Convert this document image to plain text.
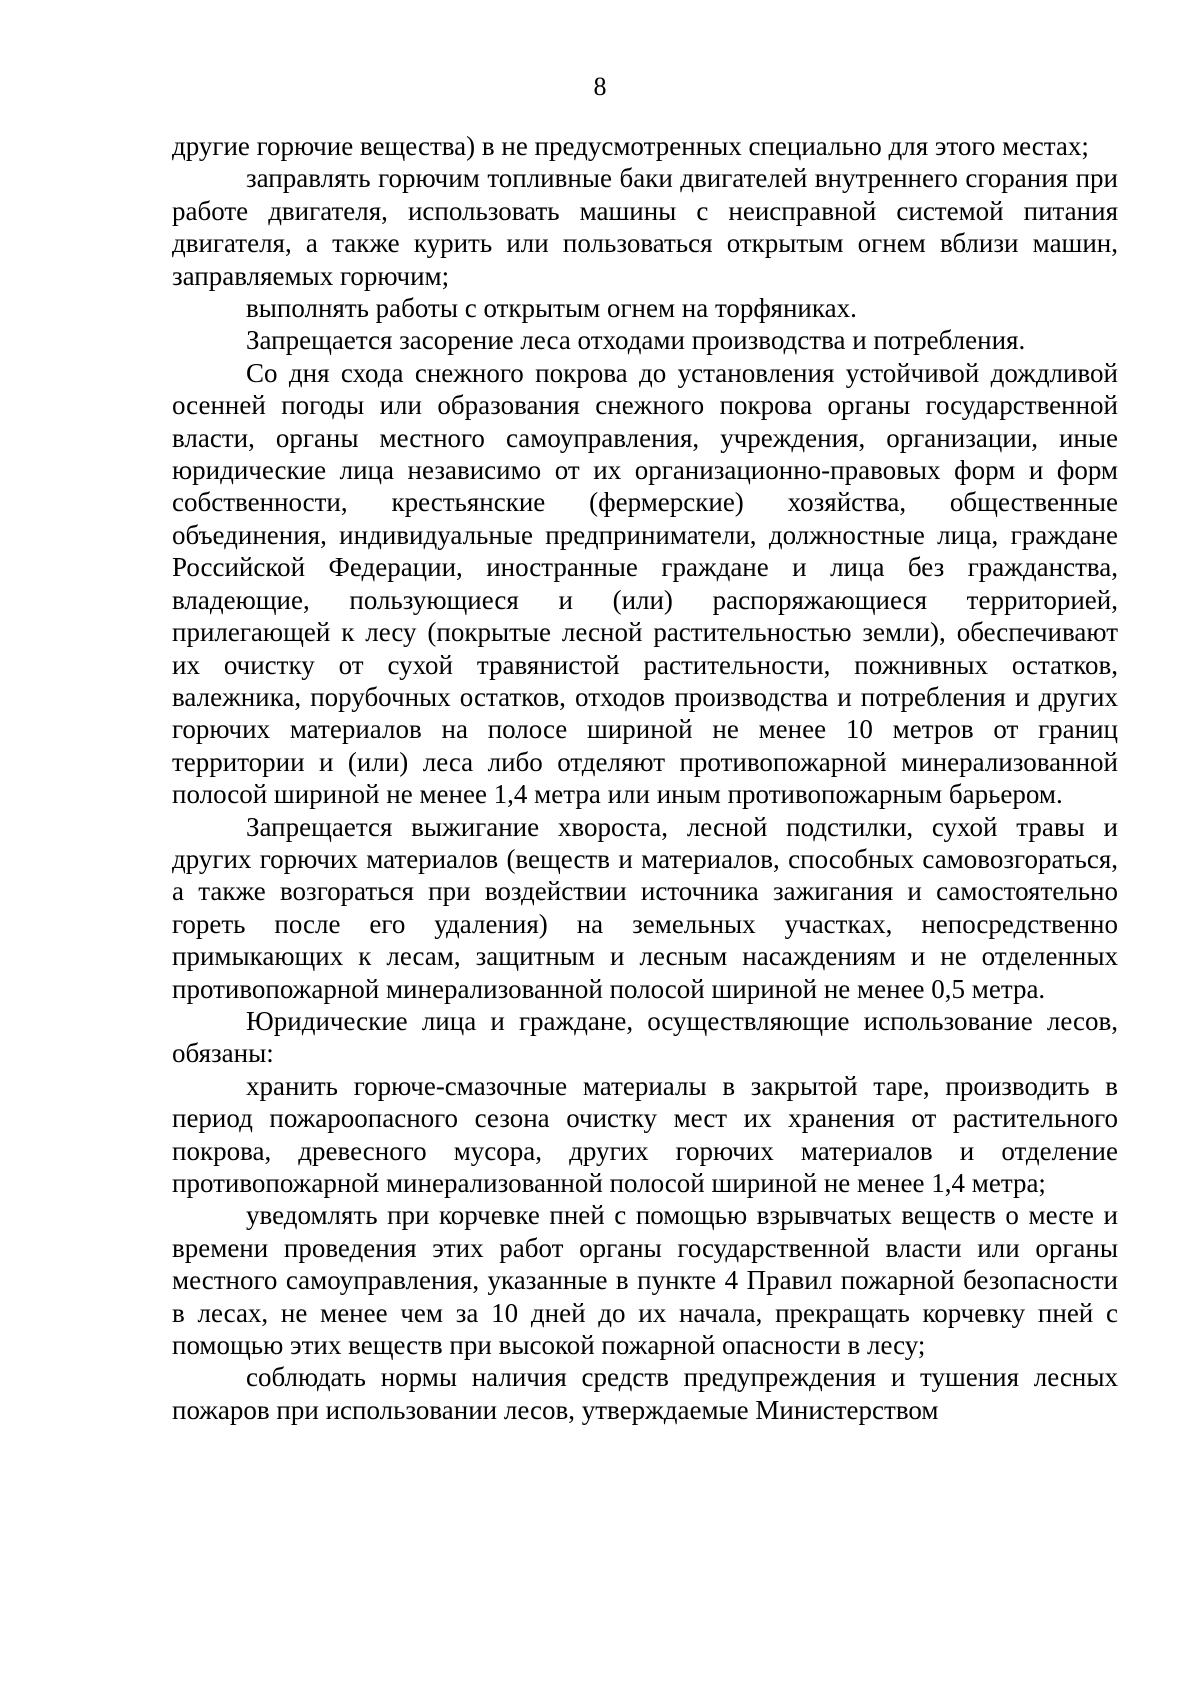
8

другие горючие вещества) в не предусмотренных специально для этого местах;

заправлять горючим топливные баки двигателей внутреннего сгорания при работе двигателя, использовать машины с неисправной системой питания двигателя, а также курить или пользоваться открытым огнем вблизи машин, заправляемых горючим;

выполнять работы с открытым огнем на торфяниках.

Запрещается засорение леса отходами производства и потребления.

Со дня схода снежного покрова до установления устойчивой дождливой осенней погоды или образования снежного покрова органы государственной власти, органы местного самоуправления, учреждения, организации, иные юридические лица независимо от их организационно-правовых форм и форм собственности, крестьянские (фермерские) хозяйства, общественные объединения, индивидуальные предприниматели, должностные лица, граждане Российской Федерации, иностранные граждане и лица без гражданства, владеющие, пользующиеся и (или) распоряжающиеся территорией, прилегающей к лесу (покрытые лесной растительностью земли), обеспечивают их очистку от сухой травянистой растительности, пожнивных остатков, валежника, порубочных остатков, отходов производства и потребления и других горючих материалов на полосе шириной не менее 10 метров от границ территории и (или) леса либо отделяют противопожарной минерализованной полосой шириной не менее 1,4 метра или иным противопожарным барьером.

Запрещается выжигание хвороста, лесной подстилки, сухой травы и других горючих материалов (веществ и материалов, способных самовозгораться, а также возгораться при воздействии источника зажигания и самостоятельно гореть после его удаления) на земельных участках, непосредственно примыкающих к лесам, защитным и лесным насаждениям и не отделенных противопожарной минерализованной полосой шириной не менее 0,5 метра.

Юридические лица и граждане, осуществляющие использование лесов, обязаны:

хранить горюче-смазочные материалы в закрытой таре, производить в период пожароопасного сезона очистку мест их хранения от растительного покрова, древесного мусора, других горючих материалов и отделение противопожарной минерализованной полосой шириной не менее 1,4 метра;

уведомлять при корчевке пней с помощью взрывчатых веществ о месте и времени проведения этих работ органы государственной власти или органы местного самоуправления, указанные в пункте 4 Правил пожарной безопасности в лесах, не менее чем за 10 дней до их начала, прекращать корчевку пней с помощью этих веществ при высокой пожарной опасности в лесу;

соблюдать нормы наличия средств предупреждения и тушения лесных пожаров при использовании лесов, утверждаемые Министерством
